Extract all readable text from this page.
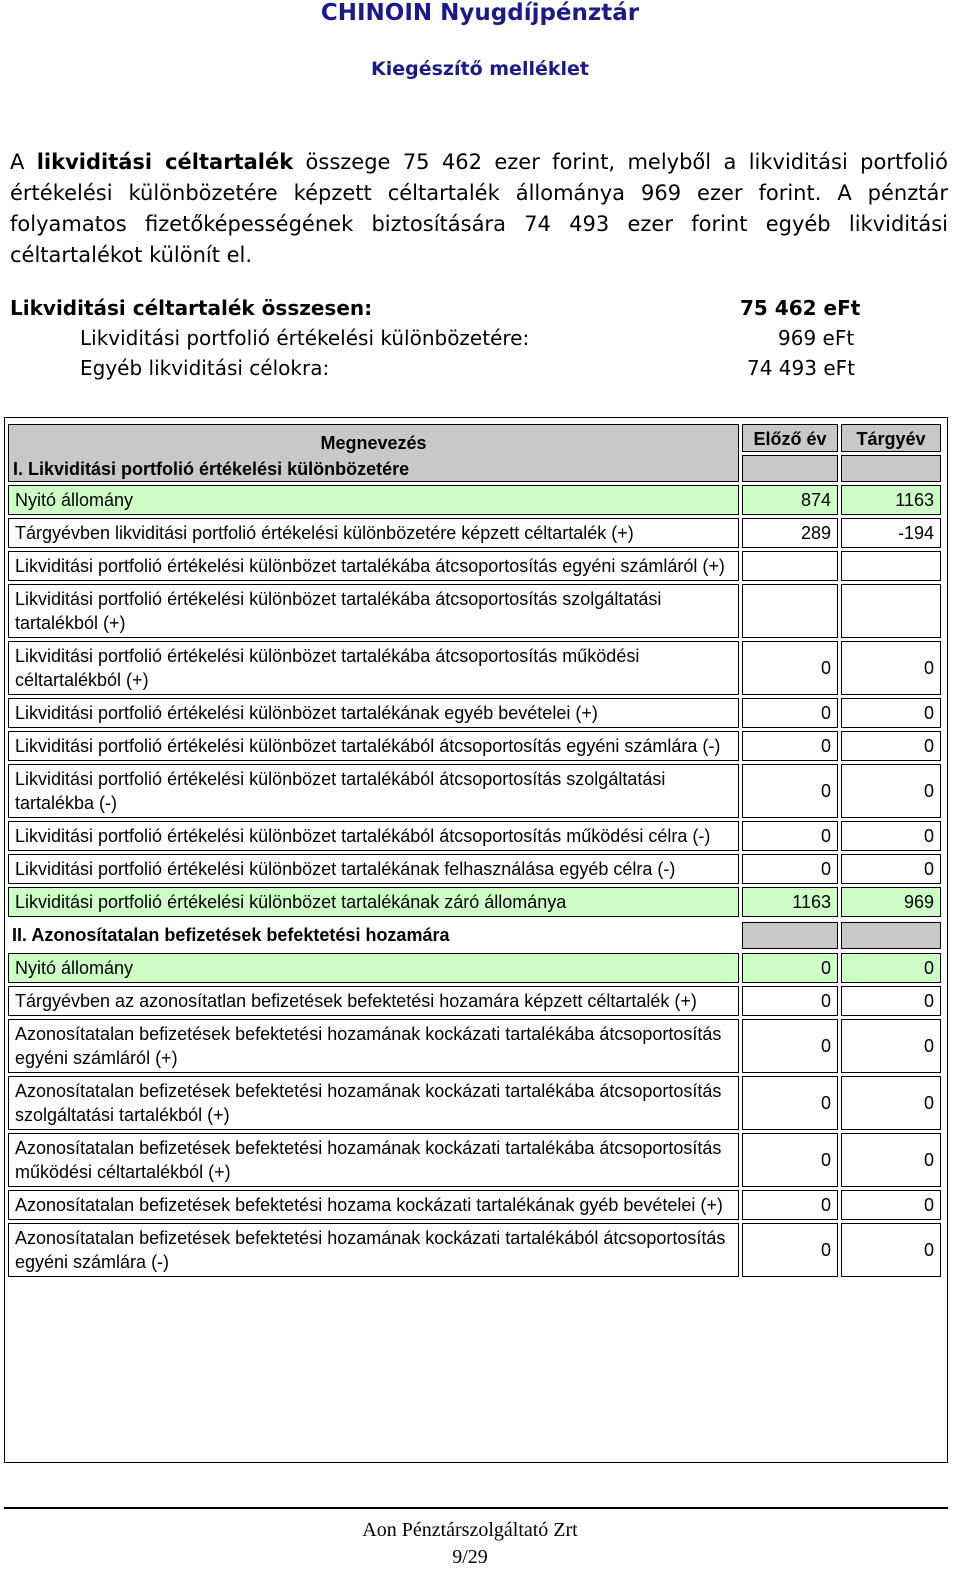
CHINOIN Nyugdíjpénztár
Kiegészítő melléklet

A likviditási céltartalék összege 75 462 ezer forint, melyből a likviditási portfolió értékelési különbözetére képzett céltartalék állománya 969 ezer forint. A pénztár folyamatos fizetőképességének biztosítására 74 493 ezer forint egyéb likviditási céltartalékot különít el.

Likviditási céltartalék összesen:	75 462 eFt
Likviditási portfolió értékelési különbözetére:	969 eFt
Egyéb likviditási célokra:	74 493 eFt
Megnevezés
I. Likviditási portfolió értékelési különbözetére		Előző év		Tárgyév

Nyitó állomány		874		1163

Tárgyévben likviditási portfolió értékelési különbözetére képzett céltartalék (+)		289		-194

Likviditási portfolió értékelési különbözet tartalékába átcsoportosítás egyéni számláról (+)				

Likviditási portfolió értékelési különbözet tartalékába átcsoportosítás szolgáltatási tartalékból (+)				

Likviditási portfolió értékelési különbözet tartalékába átcsoportosítás működési céltartalékból (+)		0		0

Likviditási portfolió értékelési különbözet tartalékának egyéb bevételei (+)		0		0

Likviditási portfolió értékelési különbözet tartalékából átcsoportosítás egyéni számlára (-)		0		0

Likviditási portfolió értékelési különbözet tartalékából átcsoportosítás szolgáltatási tartalékba (-)		0		0

Likviditási portfolió értékelési különbözet tartalékából átcsoportosítás működési célra (-)		0		0

Likviditási portfolió értékelési különbözet tartalékának felhasználása egyéb célra (-)		0		0

Likviditási portfolió értékelési különbözet tartalékának záró állománya		1163		969

II. Azonosítatalan befizetések befektetési hozamára				

Nyitó állomány		0		0

Tárgyévben az azonosítatlan befizetések befektetési hozamára képzett céltartalék (+)		0		0

Azonosítatalan befizetések befektetési hozamának kockázati tartalékába átcsoportosítás egyéni számláról (+)		0		0

Azonosítatalan befizetések befektetési hozamának kockázati tartalékába átcsoportosítás szolgáltatási tartalékból (+)		0		0

Azonosítatalan befizetések befektetési hozamának kockázati tartalékába átcsoportosítás működési céltartalékból (+)		0		0

Azonosítatalan befizetések befektetési hozama kockázati tartalékának gyéb bevételei (+)		0		0

Azonosítatalan befizetések befektetési hozamának kockázati tartalékából átcsoportosítás egyéni számlára (-)		0		0
Aon Pénztárszolgáltató Zrt
9/29
